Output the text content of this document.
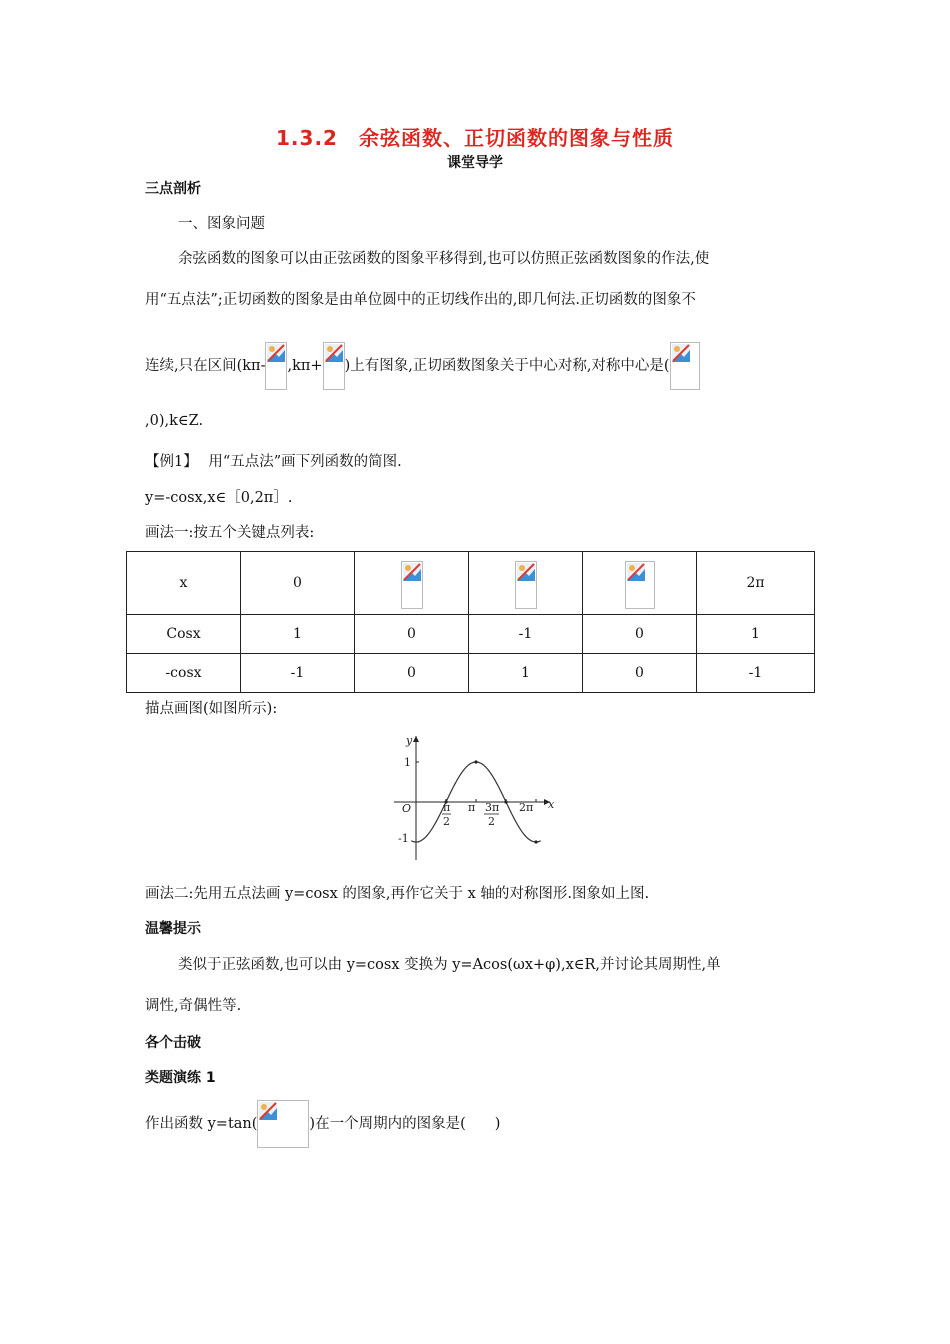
1.3.2　余弦函数、正切函数的图象与性质
课堂导学
三点剖析
一、图象问题
余弦函数的图象可以由正弦函数的图象平移得到,也可以仿照正弦函数图象的作法,使
用“五点法”;正切函数的图象是由单位圆中的正切线作出的,即几何法.正切函数的图象不
连续,只在区间(kπ- ,kπ+ )上有图象,正切函数图象关于中心对称,对称中心是(
,0),k∈Z.
【例1】 用“五点法”画下列函数的简图.
y=-cosx,x∈［0,2π］.
画法一:按五个关键点列表:
x	0				2π
Cosx	1	0	-1	0	1
-cosx	-1	0	1	0	-1
描点画图(如图所示):
y
x
O
1
-1
π
2
π 3π
2
2π
画法二:先用五点法画 y=cosx 的图象,再作它关于 x 轴的对称图形.图象如上图.
温馨提示
类似于正弦函数,也可以由 y=cosx 变换为 y=Acos(ωx+φ),x∈R,并讨论其周期性,单
调性,奇偶性等.
各个击破
类题演练 1
作出函数 y=tan(	)在一个周期内的图象是(　　)
